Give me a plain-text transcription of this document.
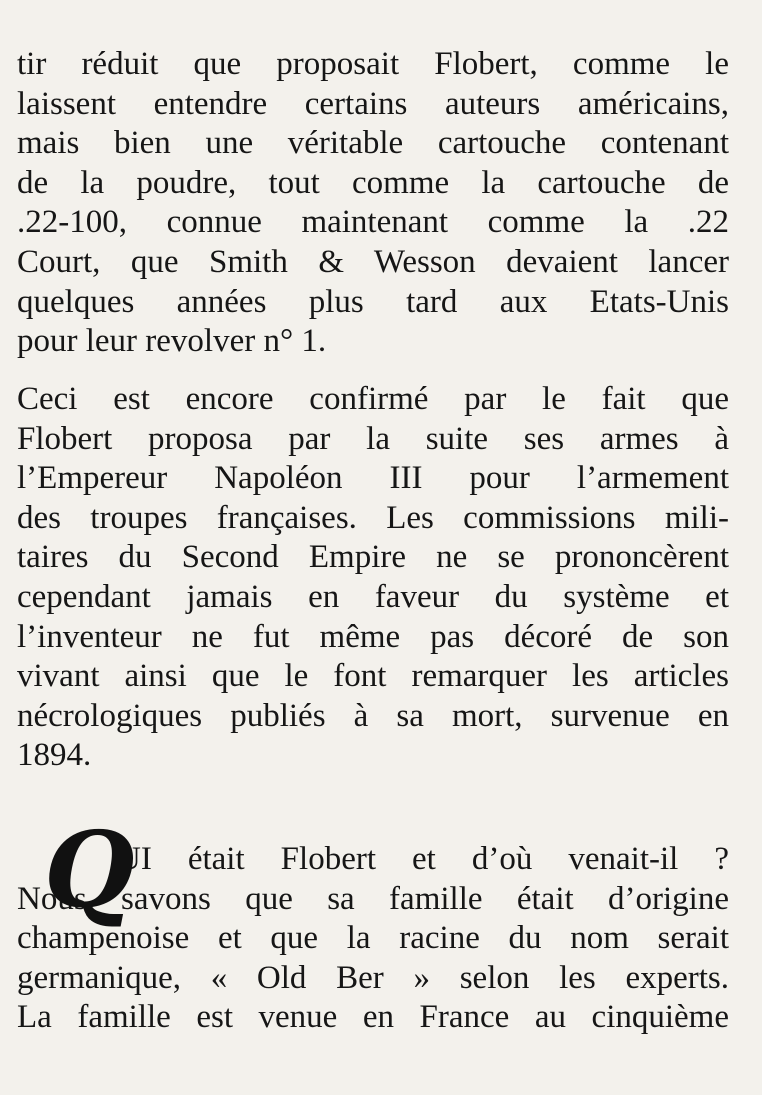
tir réduit que proposait Flobert, comme le
laissent entendre certains auteurs américains,
mais bien une véritable cartouche contenant
de la poudre, tout comme la cartouche de
.22-100, connue maintenant comme la .22
Court, que Smith & Wesson devaient lancer
quelques années plus tard aux Etats-Unis
pour leur revolver n° 1.
Ceci est encore confirmé par le fait que
Flobert proposa par la suite ses armes à
l’Empereur Napoléon III pour l’armement
des troupes françaises. Les commissions mili-
taires du Second Empire ne se prononcèrent
cependant jamais en faveur du système et
l’inventeur ne fut même pas décoré de son
vivant ainsi que le font remarquer les articles
nécrologiques publiés à sa mort, survenue en
1894.
Q
UI était Flobert et d’où venait-il ?
Nous savons que sa famille était d’origine
champenoise et que la racine du nom serait
germanique, « Old Ber » selon les experts.
La famille est venue en France au cinquième
